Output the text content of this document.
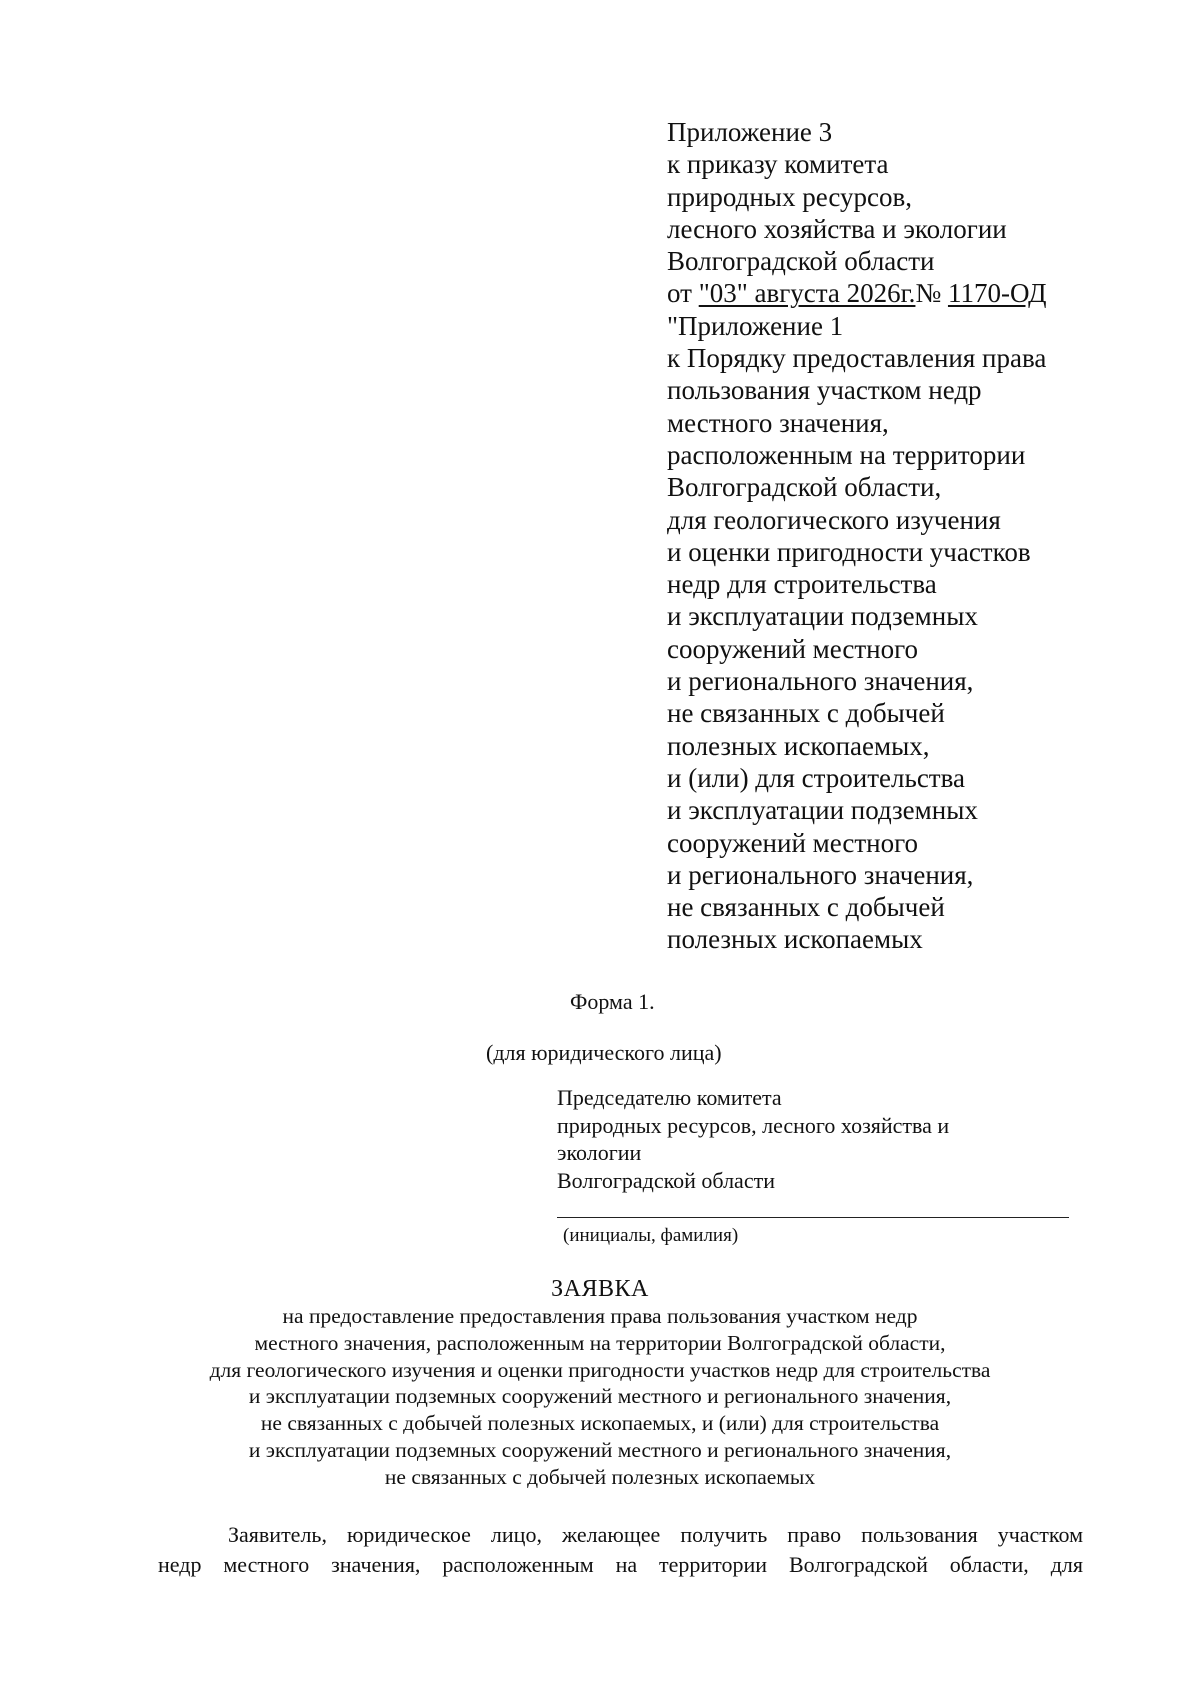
Приложение 3
к приказу комитета
природных ресурсов,
лесного хозяйства и экологии
Волгоградской области
от "03" августа 2026г.№ 1170-ОД
"Приложение 1
к Порядку предоставления права
пользования участком недр
местного значения,
расположенным на территории
Волгоградской области,
для геологического изучения
и оценки пригодности участков
недр для строительства
и эксплуатации подземных
сооружений местного
и регионального значения,
не связанных с добычей
полезных ископаемых,
и (или) для строительства
и эксплуатации подземных
сооружений местного
и регионального значения,
не связанных с добычей
полезных ископаемых
Форма 1.
(для юридического лица)
Председателю комитета
природных ресурсов, лесного хозяйства и
экологии
Волгоградской области
(инициалы, фамилия)
ЗАЯВКА
на предоставление предоставления права пользования участком недр
местного значения, расположенным на территории Волгоградской области,
для геологического изучения и оценки пригодности участков недр для строительства
и эксплуатации подземных сооружений местного и регионального значения,
не связанных с добычей полезных ископаемых, и (или) для строительства
и эксплуатации подземных сооружений местного и регионального значения,
не связанных с добычей полезных ископаемых
Заявитель, юридическое лицо, желающее получить право пользования участком
недр местного значения, расположенным на территории Волгоградской области, для
